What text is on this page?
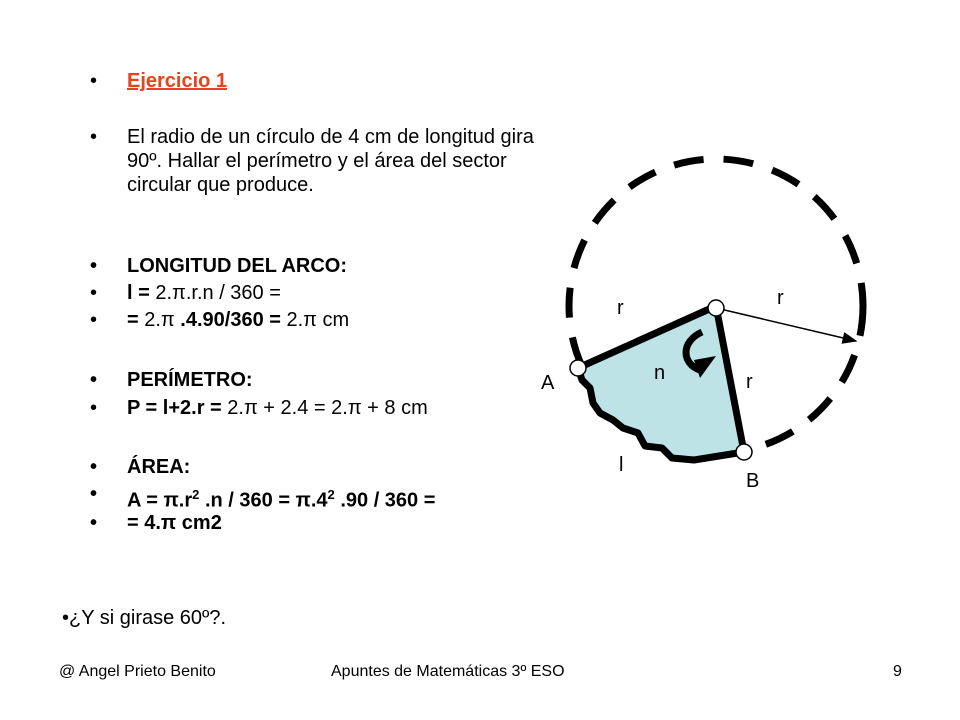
• Ejercicio 1
• El radio de un círculo de 4 cm de longitud gira 90º. Hallar el perímetro y el área del sector circular que produce.
• LONGITUD DEL ARCO:
• l = 2.π.r.n / 360 =
• = 2.π .4.90/360 = 2.π cm
• PERÍMETRO:
• P = l+2.r = 2.π + 2.4 = 2.π + 8 cm
• ÁREA:
• $A = \pi.r^2$ $.n / 360 = \pi.4^2$ .90 / 360 =
• = 4.π cm2
•¿Y si girase 60º?.
r	r
r
n
A
B
l
@ Angel Prieto Benito	Apuntes de Matemáticas 3º ESO	9
